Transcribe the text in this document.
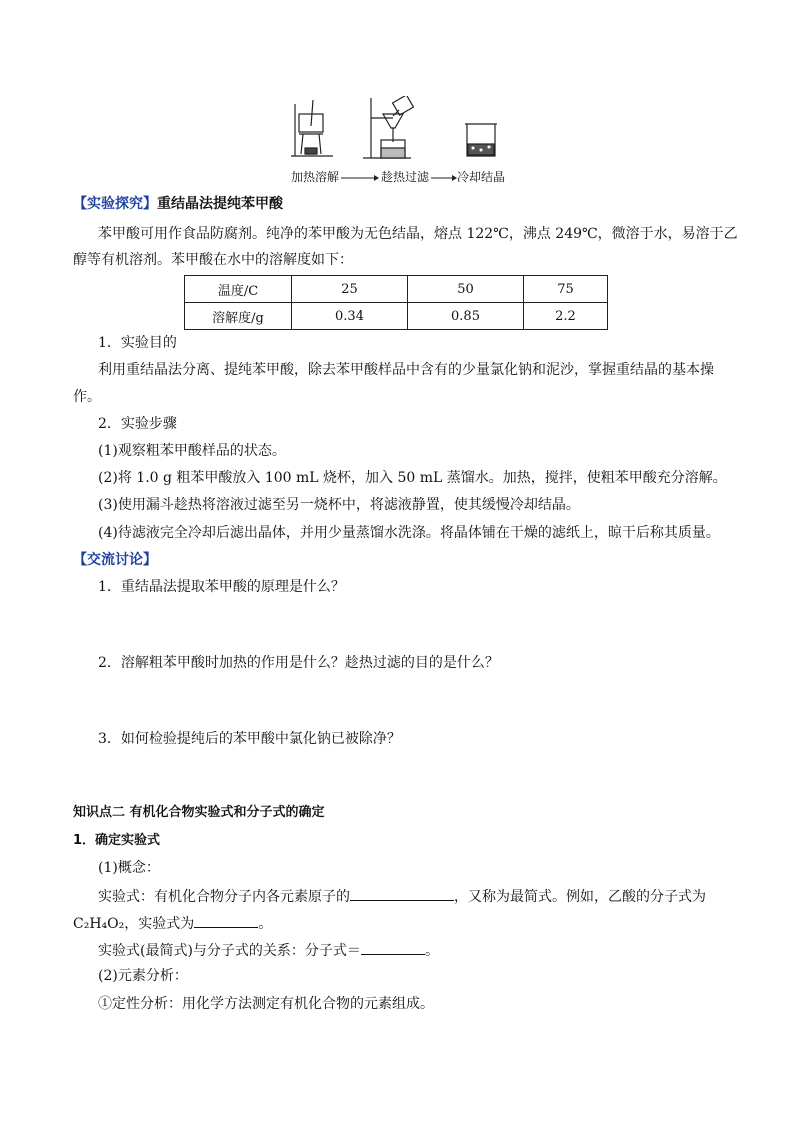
加热溶解	趁热过滤 冷却结晶
【实验探究】重结晶法提纯苯甲酸
苯甲酸可用作食品防腐剂。纯净的苯甲酸为无色结晶，熔点 122℃，沸点 249℃，微溶于水，易溶于乙
醇等有机溶剂。苯甲酸在水中的溶解度如下：
温度/C	25	50	75
溶解度/g	0.34	0.85	2.2
1．实验目的
利用重结晶法分离、提纯苯甲酸，除去苯甲酸样品中含有的少量氯化钠和泥沙，掌握重结晶的基本操
作。
2．实验步骤
(1)观察粗苯甲酸样品的状态。
(2)将 1.0 g 粗苯甲酸放入 100 mL 烧杯，加入 50 mL 蒸馏水。加热，搅拌，使粗苯甲酸充分溶解。
(3)使用漏斗趁热将溶液过滤至另一烧杯中，将滤液静置，使其缓慢冷却结晶。
(4)待滤液完全冷却后滤出晶体，并用少量蒸馏水洗涤。将晶体铺在干燥的滤纸上，晾干后称其质量。
【交流讨论】
1．重结晶法提取苯甲酸的原理是什么？
2．溶解粗苯甲酸时加热的作用是什么？趁热过滤的目的是什么？
3．如何检验提纯后的苯甲酸中氯化钠已被除净？
知识点二 有机化合物实验式和分子式的确定
1．确定实验式
(1)概念：
实验式：有机化合物分子内各元素原子的	，又称为最简式。例如，乙酸的分子式为
C₂H₄O₂，实验式为	。
实验式(最简式)与分子式的关系：分子式＝	。
(2)元素分析：
①定性分析：用化学方法测定有机化合物的元素组成。
